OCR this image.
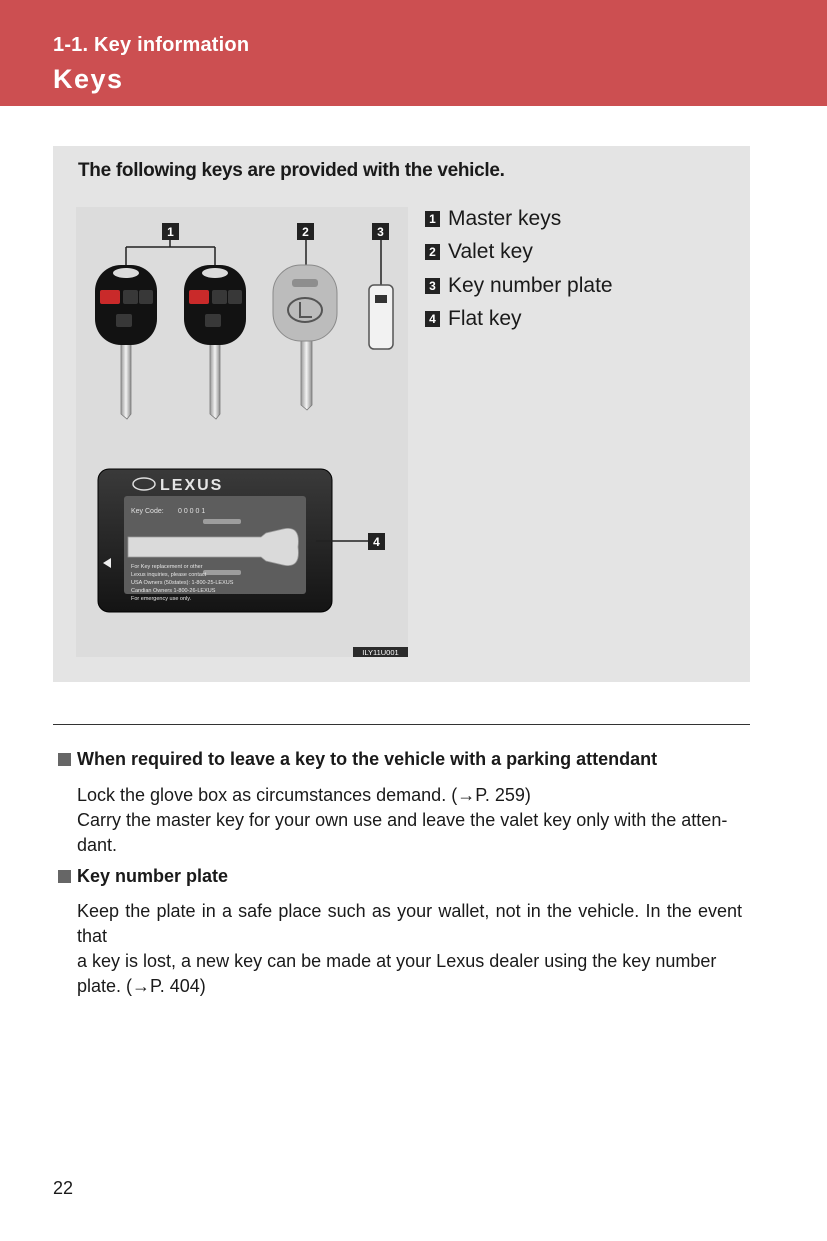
1-1. Key information
Keys
The following keys are provided with the vehicle.
LEXUS
Key Code: 0 0 0 0 1
For Key replacement or other
Lexus inquiries, please contact
USA Owners (50states): 1-800-25-LEXUS
Candian Owners 1-800-26-LEXUS
For emergency use only.
1	2	3
4
ILY11U001
1 Master keys
2 Valet key
3 Key number plate
4 Flat key
When required to leave a key to the vehicle with a parking attendant
Lock the glove box as circumstances demand. (→P. 259)
Carry the master key for your own use and leave the valet key only with the atten-
dant.
Key number plate
Keep the plate in a safe place such as your wallet, not in the vehicle. In the event that
a key is lost, a new key can be made at your Lexus dealer using the key number
plate. (→P. 404)
22
